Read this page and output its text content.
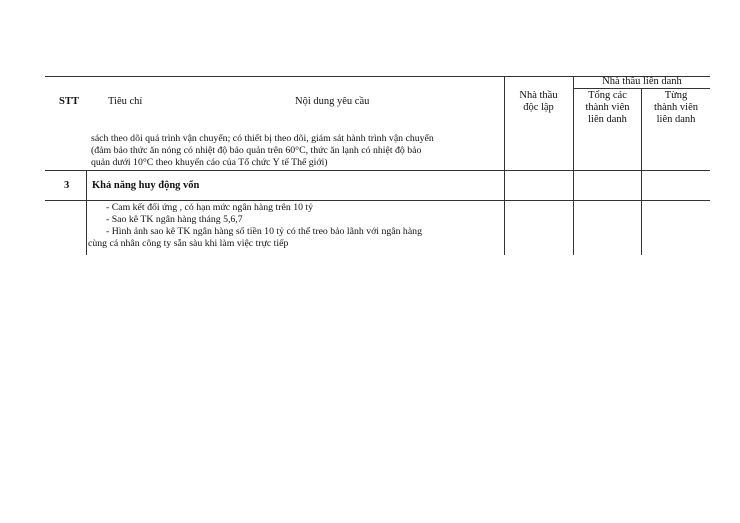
STT	Tiêu chí	Nội dung yêu cầu
Nhà thầu
độc lập
Nhà thầu liên danh
Tổng các
thành viên
liên danh
Từng
thành viên
liên danh
sách theo dõi quá trình vận chuyển; có thiết bị theo dõi, giám sát hành trình vận chuyển
(đảm bảo thức ăn nóng có nhiệt độ bảo quản trên 60°C, thức ăn lạnh có nhiệt độ bảo
quản dưới 10°C theo khuyến cáo của Tổ chức Y tế Thế giới)
3 Khả năng huy động vốn
- Cam kết đối ứng , có hạn mức ngân hàng trên 10 tỷ
- Sao kê TK ngân hàng tháng 5,6,7
- Hình ảnh sao kê TK ngân hàng số tiền 10 tỷ có thể treo bảo lãnh với ngân hàng
cùng cá nhân công ty sẵn sàu khi làm việc trực tiếp
